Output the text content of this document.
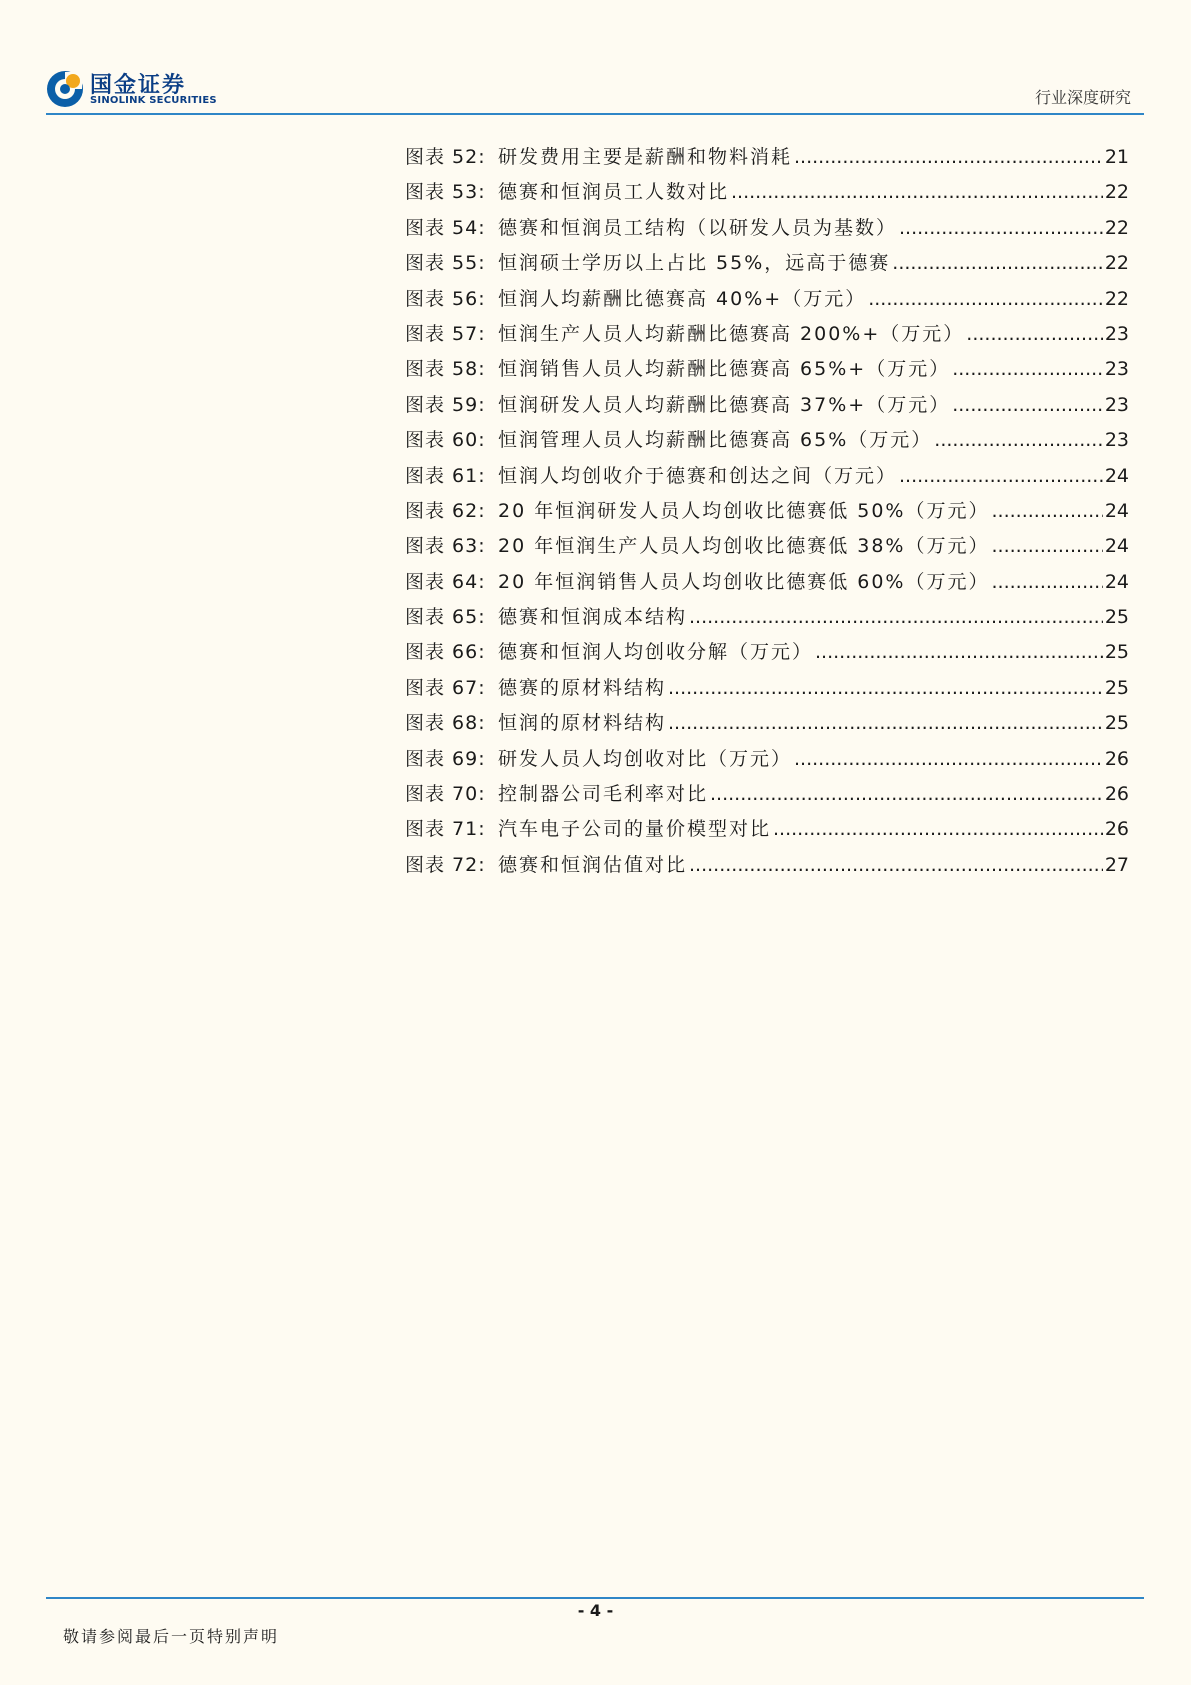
国金证券
SINOLINK SECURITIES	行业深度研究
图表 52: 研发费用主要是薪酬和物料消耗 .....	21
图表 53: 德赛和恒润员工人数对比 .....	22
图表 54: 德赛和恒润员工结构（以研发人员为基数） .....	22
图表 55: 恒润硕士学历以上占比 55%，远高于德赛 .....	22
图表 56: 恒润人均薪酬比德赛高 40%+（万元） .....	22
图表 57: 恒润生产人员人均薪酬比德赛高 200%+（万元） .....	23
图表 58: 恒润销售人员人均薪酬比德赛高 65%+（万元） .....	23
图表 59: 恒润研发人员人均薪酬比德赛高 37%+（万元） .....	23
图表 60: 恒润管理人员人均薪酬比德赛高 65%（万元） .....	23
图表 61: 恒润人均创收介于德赛和创达之间（万元） .....	24
图表 62: 20 年恒润研发人员人均创收比德赛低 50%（万元） .....	24
图表 63: 20 年恒润生产人员人均创收比德赛低 38%（万元） .....	24
图表 64: 20 年恒润销售人员人均创收比德赛低 60%（万元） .....	24
图表 65: 德赛和恒润成本结构 .....	25
图表 66: 德赛和恒润人均创收分解（万元） .....	25
图表 67: 德赛的原材料结构 .....	25
图表 68: 恒润的原材料结构 .....	25
图表 69: 研发人员人均创收对比（万元） .....	26
图表 70: 控制器公司毛利率对比 .....	26
图表 71: 汽车电子公司的量价模型对比 .....	26
图表 72: 德赛和恒润估值对比 .....	27
- 4 -
敬请参阅最后一页特别声明
